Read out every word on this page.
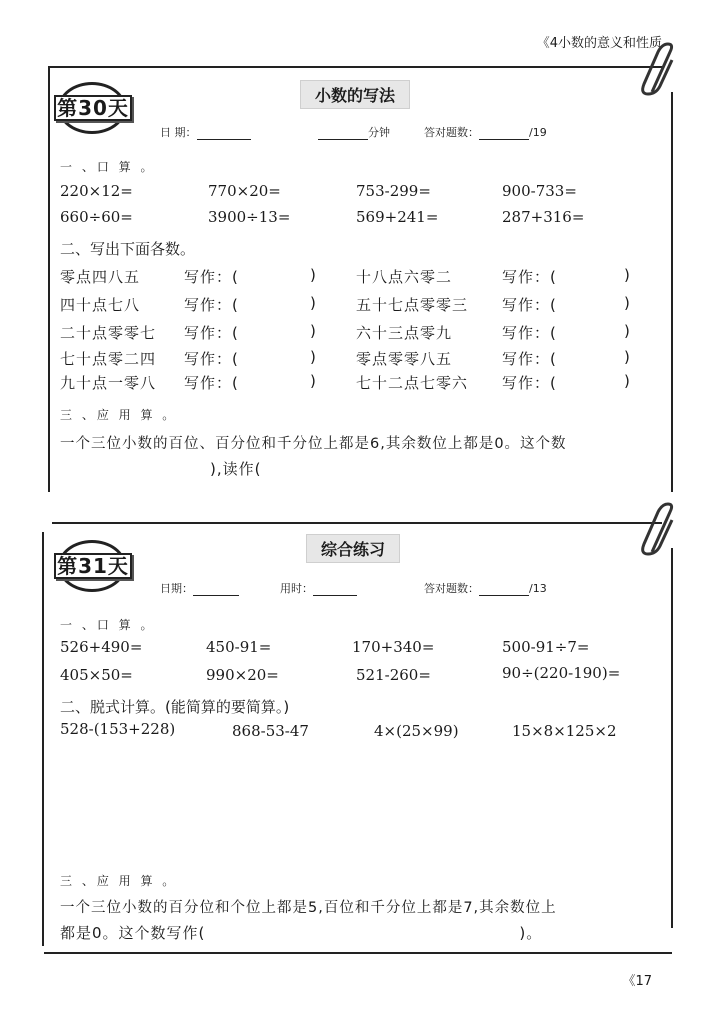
《4小数的意义和性质
第30天
小数的写法
日 期：	分钟	答对题数：	/19
一 、口 算 。
220×12=	770×20=	753-299=	900-733=
660÷60=	3900÷13=	569+241=	287+316=
二、写出下面各数。
零点四八五	写作：(	)	十八点六零二	写作：(	)
四十点七八	写作：(	)	五十七点零零三 写作：(	)
二十点零零七 写作：(	)	六十三点零九	写作：(	)
七十点零二四 写作：(	)	零点零零八五	写作：(	)
九十点一零八 写作：(	)	七十二点七零六 写作：(	)
三 、应 用 算 。
一个三位小数的百位、百分位和千分位上都是6,其余数位上都是0。这个数
),读作(
第31天
综合练习
日期：	用时：	答对题数：	/13
一 、口 算 。
526+490=	450-91=	170+340=	500-91÷7=
405×50=	990×20=	521-260=	90÷(220-190)=
二、脱式计算。(能简算的要简算。)
528-(153+228)	868-53-47	4×(25×99)	15×8×125×2
三 、应 用 算 。
一个三位小数的百分位和个位上都是5,百位和千分位上都是7,其余数位上
都是0。这个数写作(	)。
《17
